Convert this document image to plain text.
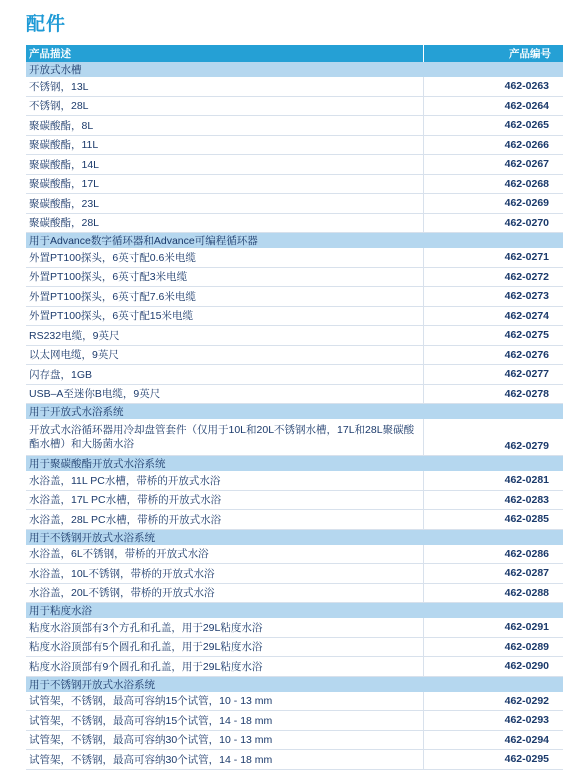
配件
产品描述	产品编号
开放式水槽	
不锈钢，13L	462-0263
不锈钢，28L	462-0264
聚碳酸酯，8L	462-0265
聚碳酸酯，11L	462-0266
聚碳酸酯，14L	462-0267
聚碳酸酯，17L	462-0268
聚碳酸酯，23L	462-0269
聚碳酸酯，28L	462-0270
用于Advance数字循环器和Advance可编程循环器	
外置PT100探头，6英寸配0.6米电缆	462-0271
外置PT100探头，6英寸配3米电缆	462-0272
外置PT100探头，6英寸配7.6米电缆	462-0273
外置PT100探头，6英寸配15米电缆	462-0274
RS232电缆，9英尺	462-0275
以太网电缆，9英尺	462-0276
闪存盘，1GB	462-0277
USB–A至迷你B电缆，9英尺	462-0278
用于开放式水浴系统	
开放式水浴循环器用冷却盘管套件（仅用于10L和20L不锈钢水槽，17L和28L聚碳酸酯水槽）和大肠菌水浴	462-0279
用于聚碳酸酯开放式水浴系统	
水浴盖，11L PC水槽，带桥的开放式水浴	462-0281
水浴盖，17L PC水槽，带桥的开放式水浴	462-0283
水浴盖，28L PC水槽，带桥的开放式水浴	462-0285
用于不锈钢开放式水浴系统	
水浴盖，6L不锈钢，带桥的开放式水浴	462-0286
水浴盖，10L不锈钢，带桥的开放式水浴	462-0287
水浴盖，20L不锈钢，带桥的开放式水浴	462-0288
用于粘度水浴	
粘度水浴顶部有3个方孔和孔盖，用于29L粘度水浴	462-0291
粘度水浴顶部有5个圆孔和孔盖，用于29L粘度水浴	462-0289
粘度水浴顶部有9个圆孔和孔盖，用于29L粘度水浴	462-0290
用于不锈钢开放式水浴系统	
试管架，不锈钢，最高可容纳15个试管，10 - 13 mm	462-0292
试管架，不锈钢，最高可容纳15个试管，14 - 18 mm	462-0293
试管架，不锈钢，最高可容纳30个试管，10 - 13 mm	462-0294
试管架，不锈钢，最高可容纳30个试管，14 - 18 mm	462-0295
